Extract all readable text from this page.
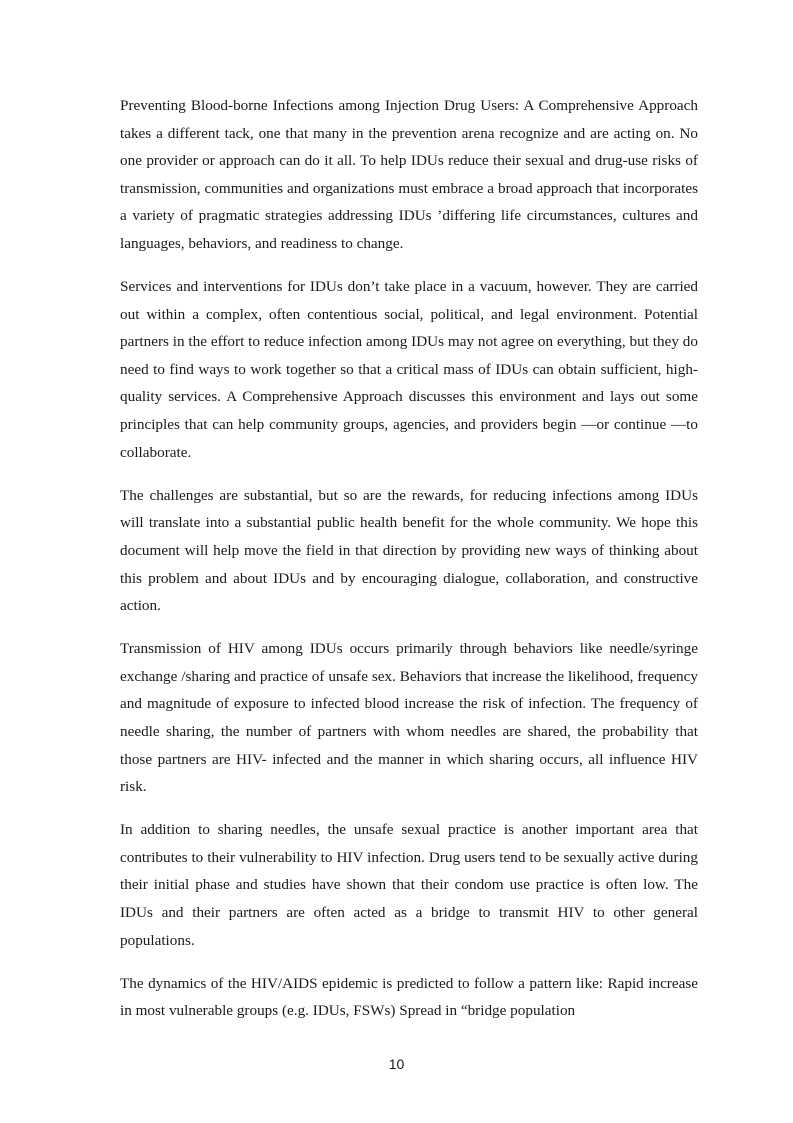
Preventing Blood-borne Infections among Injection Drug Users: A Comprehensive Approach takes a different tack, one that many in the prevention arena recognize and are acting on. No one provider or approach can do it all. To help IDUs reduce their sexual and drug-use risks of transmission, communities and organizations must embrace a broad approach that incorporates a variety of pragmatic strategies addressing IDUs ’differing life circumstances, cultures and languages, behaviors, and readiness to change.

Services and interventions for IDUs don’t take place in a vacuum, however. They are carried out within a complex, often contentious social, political, and legal environment. Potential partners in the effort to reduce infection among IDUs may not agree on everything, but they do need to find ways to work together so that a critical mass of IDUs can obtain sufficient, high-quality services. A Comprehensive Approach discusses this environment and lays out some principles that can help community groups, agencies, and providers begin —or continue —to collaborate.

The challenges are substantial, but so are the rewards, for reducing infections among IDUs will translate into a substantial public health benefit for the whole community. We hope this document will help move the field in that direction by providing new ways of thinking about this problem and about IDUs and by encouraging dialogue, collaboration, and constructive action.

Transmission of HIV among IDUs occurs primarily through behaviors like needle/syringe exchange /sharing and practice of unsafe sex. Behaviors that increase the likelihood, frequency and magnitude of exposure to infected blood increase the risk of infection. The frequency of needle sharing, the number of partners with whom needles are shared, the probability that those partners are HIV- infected and the manner in which sharing occurs, all influence HIV risk.

In addition to sharing needles, the unsafe sexual practice is another important area that contributes to their vulnerability to HIV infection. Drug users tend to be sexually active during their initial phase and studies have shown that their condom use practice is often low. The IDUs and their partners are often acted as a bridge to transmit HIV to other general populations.

The dynamics of the HIV/AIDS epidemic is predicted to follow a pattern like: Rapid increase in most vulnerable groups (e.g. IDUs, FSWs) Spread in “bridge population

10
